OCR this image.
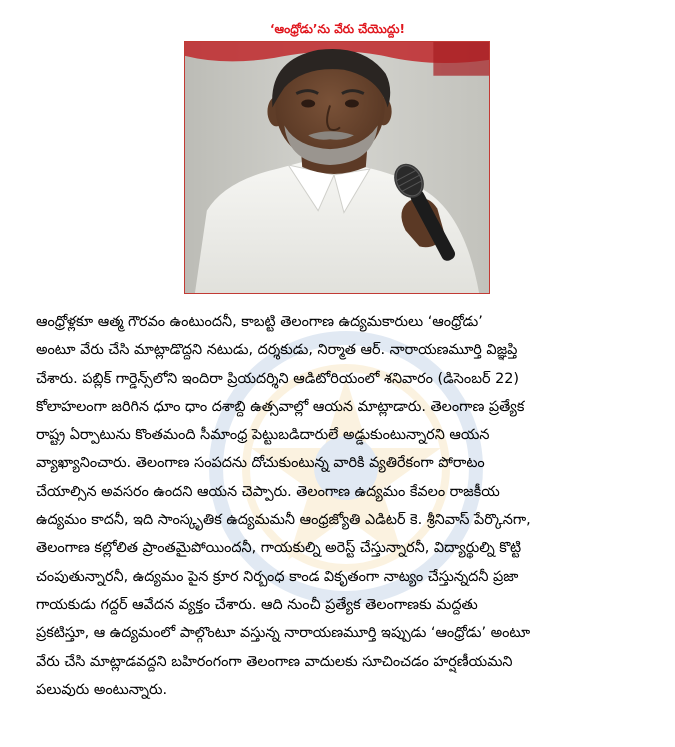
‘ఆంధ్రోడు’ను వేరు చేయొద్దు!
ఆంధ్రోళ్లకూ ఆత్మ గౌరవం ఉంటుందనీ, కాబట్టి తెలంగాణ ఉద్యమకారులు ‘ఆంధ్రోడు’
అంటూ వేరు చేసి మాట్లాడొద్దని నటుడు, దర్శకుడు, నిర్మాత ఆర్. నారాయణమూర్తి విజ్ఞప్తి
చేశారు. పబ్లిక్ గార్డెన్స్‌లోని ఇందిరా ప్రియదర్శిని ఆడిటోరియంలో శనివారం (డిసెంబర్ 22)
కోలాహలంగా జరిగిన ధూం ధాం దశాబ్ది ఉత్సవాల్లో ఆయన మాట్లాడారు. తెలంగాణ ప్రత్యేక
రాష్ట్ర ఏర్పాటును కొంతమంది సీమాంధ్ర పెట్టుబడిదారులే అడ్డుకుంటున్నారని ఆయన
వ్యాఖ్యానించారు. తెలంగాణ సంపదను దోచుకుంటున్న వారికి వ్యతిరేకంగా పోరాటం
చేయాల్సిన అవసరం ఉందని ఆయన చెప్పారు. తెలంగాణ ఉద్యమం కేవలం రాజకీయ
ఉద్యమం కాదనీ, ఇది సాంస్కృతిక ఉద్యమమనీ ఆంధ్రజ్యోతి ఎడిటర్ కె. శ్రీనివాస్ పేర్కొనగా,
తెలంగాణ కల్లోలిత ప్రాంతమైపోయిందనీ, గాయకుల్ని అరెస్ట్ చేస్తున్నారనీ, విద్యార్థుల్ని కొట్టి
చంపుతున్నారనీ, ఉద్యమం పైన క్రూర నిర్బంధ కాండ వికృతంగా నాట్యం చేస్తున్నదనీ ప్రజా
గాయకుడు గద్దర్ ఆవేదన వ్యక్తం చేశారు. ఆది నుంచీ ప్రత్యేక తెలంగాణకు మద్దతు
ప్రకటిస్తూ, ఆ ఉద్యమంలో పాల్గొంటూ వస్తున్న నారాయణమూర్తి ఇప్పుడు ‘ఆంధ్రోడు’ అంటూ
వేరు చేసి మాట్లాడవద్దని బహిరంగంగా తెలంగాణ వాదులకు సూచించడం హర్షణీయమని
పలువురు అంటున్నారు.
